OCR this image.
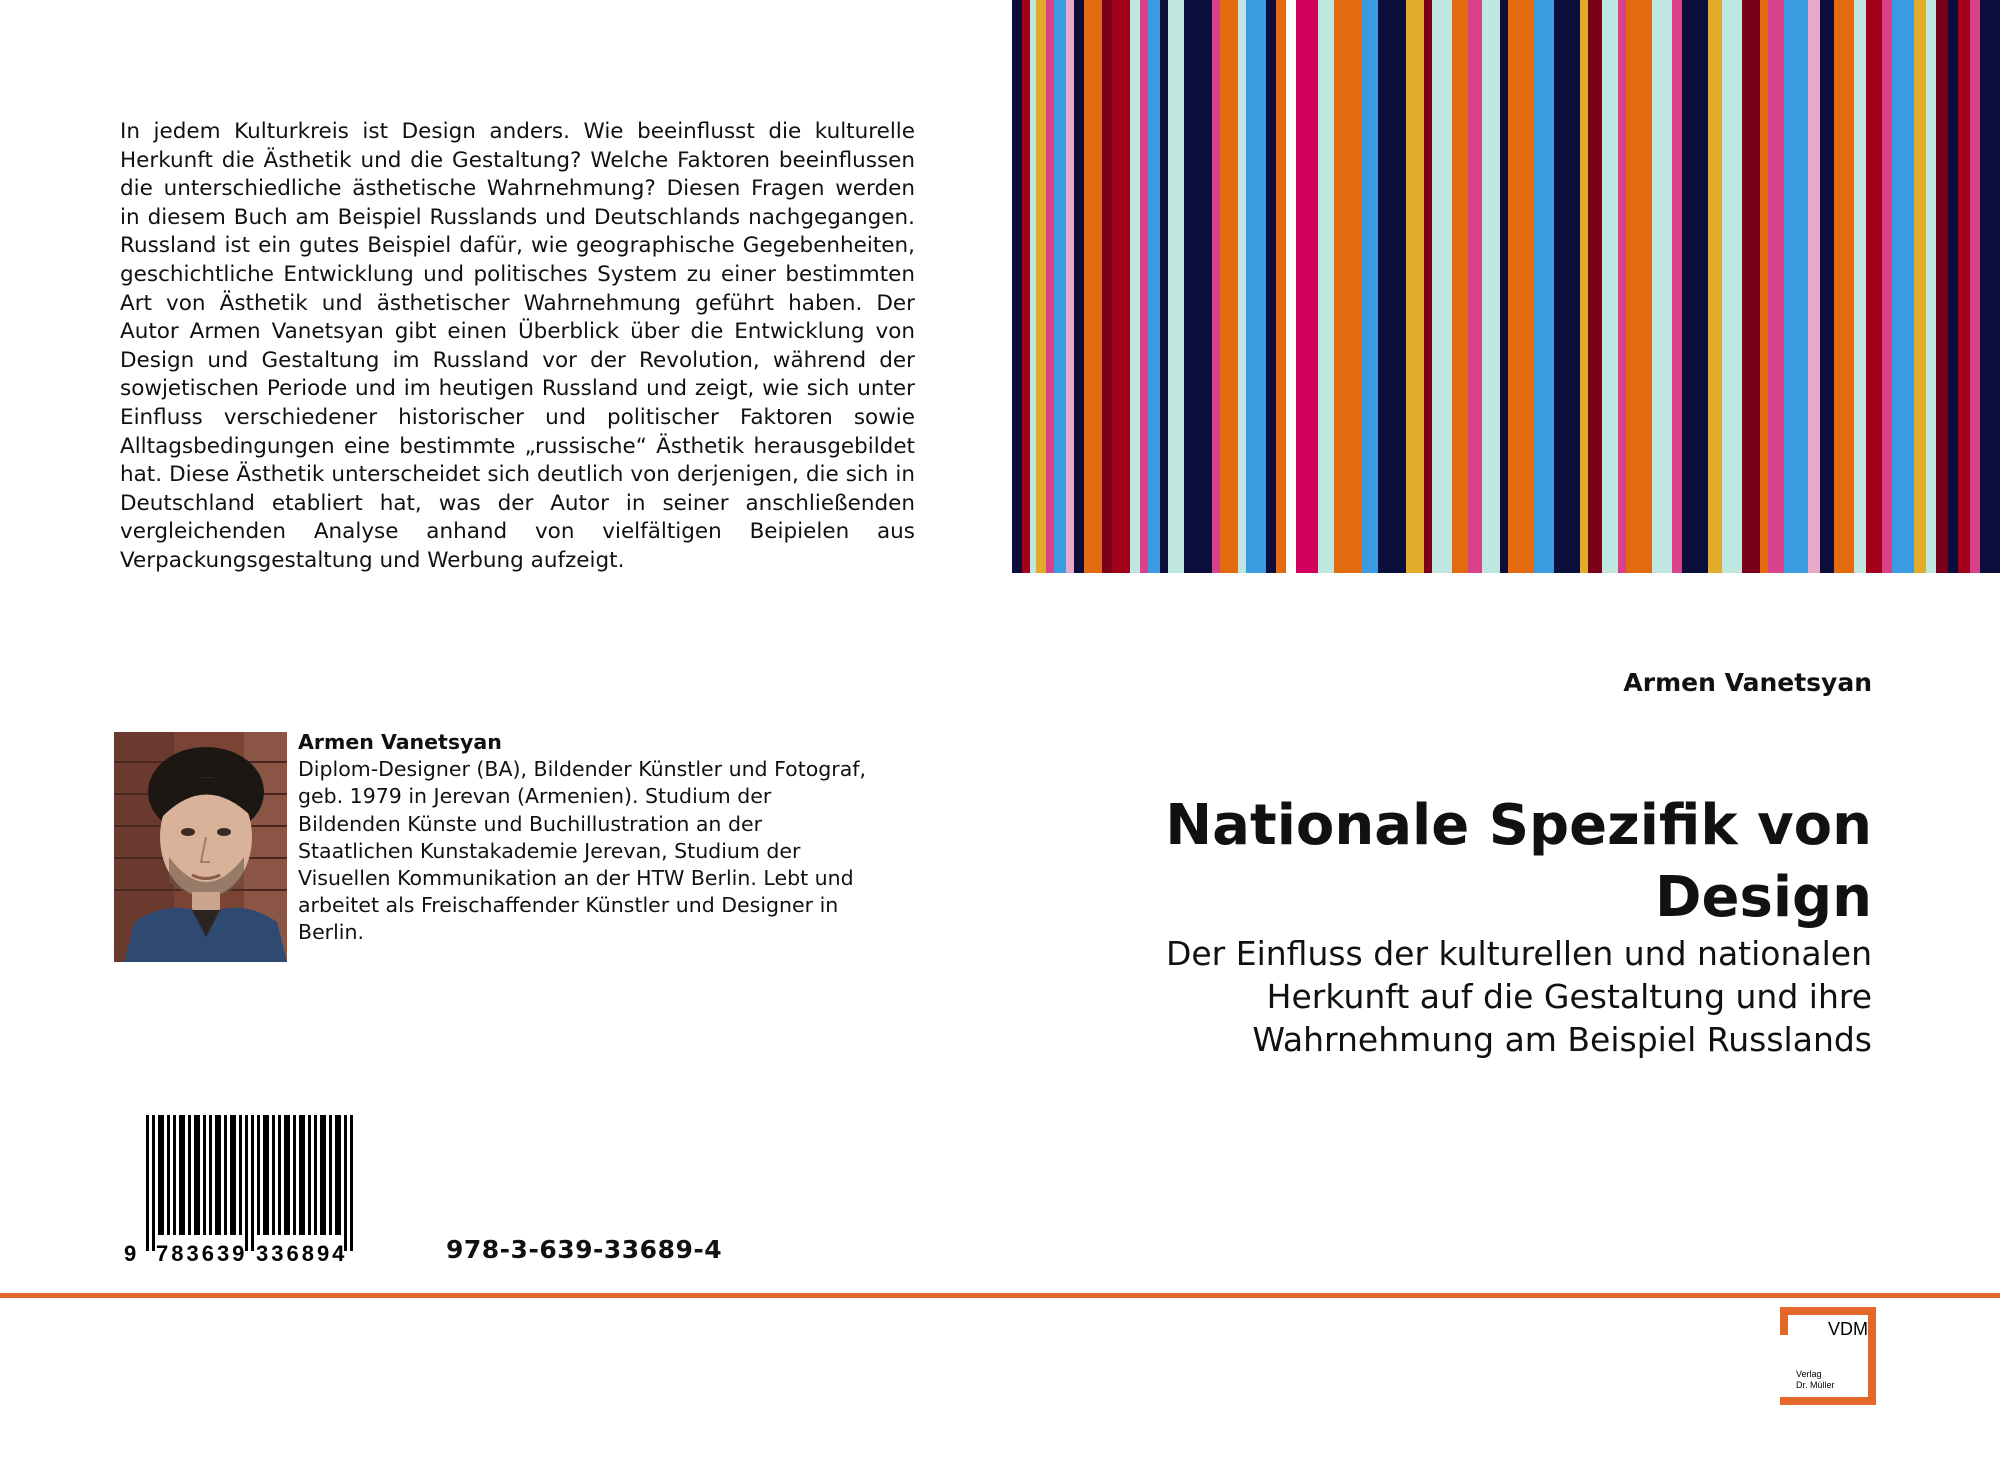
In jedem Kulturkreis ist Design anders. Wie beeinflusst die kulturelle Herkunft die Ästhetik und die Gestaltung? Welche Faktoren beeinflussen die unterschiedliche ästhetische Wahrnehmung? Diesen Fragen werden in diesem Buch am Beispiel Russlands und Deutschlands nachgegangen. Russland ist ein gutes Beispiel dafür, wie geographische Gegebenheiten, geschichtliche Entwicklung und politisches System zu einer bestimmten Art von Ästhetik und ästhetischer Wahrnehmung geführt haben. Der Autor Armen Vanetsyan gibt einen Überblick über die Entwicklung von Design und Gestaltung im Russland vor der Revolution, während der sowjetischen Periode und im heutigen Russland und zeigt, wie sich unter Einfluss verschiedener historischer und politischer Faktoren sowie Alltagsbedingungen eine bestimmte „russische“ Ästhetik herausgebildet hat. Diese Ästhetik unterscheidet sich deutlich von derjenigen, die sich in Deutschland etabliert hat, was der Autor in seiner anschließenden vergleichenden Analyse anhand von vielfältigen Beipielen aus Verpackungsgestaltung und Werbung aufzeigt.

Armen Vanetsyan
Nationale Spezifik von Design

Der Einfluss der kulturellen und nationalen Herkunft auf die Gestaltung und ihre Wahrnehmung am Beispiel Russlands

Armen Vanetsyan
Diplom-Designer (BA), Bildender Künstler und Fotograf, geb. 1979 in Jerevan (Armenien). Studium der Bildenden Künste und Buchillustration an der Staatlichen Kunstakademie Jerevan, Studium der Visuellen Kommunikation an der HTW Berlin. Lebt und arbeitet als Freischaffender Künstler und Designer in Berlin.
9 783639 336894	978-3-639-33689-4
VDM
Verlag
Dr. Müller
